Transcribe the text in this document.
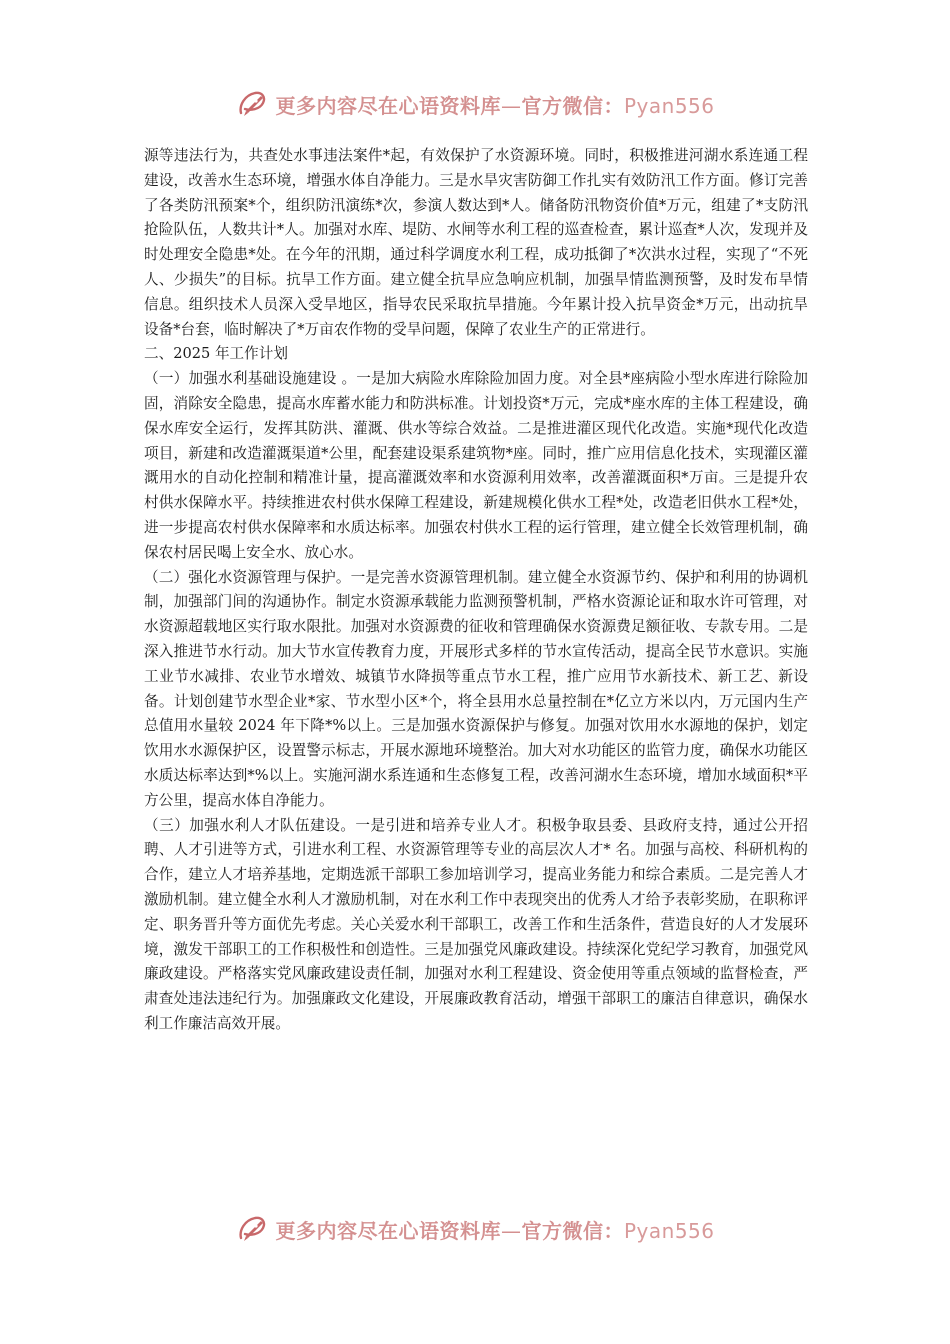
更多内容尽在心语资料库—官方微信：Pyan556

源等违法行为，共查处水事违法案件*起，有效保护了水资源环境。同时，积极推进河湖水系连通工程建设，改善水生态环境，增强水体自净能力。三是水旱灾害防御工作扎实有效防汛工作方面。修订完善了各类防汛预案*个，组织防汛演练*次，参演人数达到*人。储备防汛物资价值*万元，组建了*支防汛抢险队伍，人数共计*人。加强对水库、堤防、水闸等水利工程的巡查检查，累计巡查*人次，发现并及时处理安全隐患*处。在今年的汛期，通过科学调度水利工程，成功抵御了*次洪水过程，实现了“不死人、少损失”的目标。抗旱工作方面。建立健全抗旱应急响应机制，加强旱情监测预警，及时发布旱情信息。组织技术人员深入受旱地区，指导农民采取抗旱措施。今年累计投入抗旱资金*万元，出动抗旱设备*台套，临时解决了*万亩农作物的受旱问题，保障了农业生产的正常进行。

二、2025 年工作计划

（一）加强水利基础设施建设 。一是加大病险水库除险加固力度。对全县*座病险小型水库进行除险加固，消除安全隐患，提高水库蓄水能力和防洪标准。计划投资*万元，完成*座水库的主体工程建设，确保水库安全运行，发挥其防洪、灌溉、供水等综合效益。二是推进灌区现代化改造。实施*现代化改造项目，新建和改造灌溉渠道*公里，配套建设渠系建筑物*座。同时，推广应用信息化技术，实现灌区灌溉用水的自动化控制和精准计量，提高灌溉效率和水资源利用效率，改善灌溉面积*万亩。三是提升农村供水保障水平。持续推进农村供水保障工程建设，新建规模化供水工程*处，改造老旧供水工程*处，进一步提高农村供水保障率和水质达标率。加强农村供水工程的运行管理，建立健全长效管理机制，确保农村居民喝上安全水、放心水。

（二）强化水资源管理与保护。一是完善水资源管理机制。建立健全水资源节约、保护和利用的协调机制，加强部门间的沟通协作。制定水资源承载能力监测预警机制，严格水资源论证和取水许可管理，对水资源超载地区实行取水限批。加强对水资源费的征收和管理确保水资源费足额征收、专款专用。二是深入推进节水行动。加大节水宣传教育力度，开展形式多样的节水宣传活动，提高全民节水意识。实施工业节水减排、农业节水增效、城镇节水降损等重点节水工程，推广应用节水新技术、新工艺、新设备。计划创建节水型企业*家、节水型小区*个，将全县用水总量控制在*亿立方米以内，万元国内生产总值用水量较 2024 年下降*%以上。三是加强水资源保护与修复。加强对饮用水水源地的保护，划定饮用水水源保护区，设置警示标志，开展水源地环境整治。加大对水功能区的监管力度，确保水功能区水质达标率达到*%以上。实施河湖水系连通和生态修复工程，改善河湖水生态环境，增加水域面积*平方公里，提高水体自净能力。

（三）加强水利人才队伍建设。一是引进和培养专业人才。积极争取县委、县政府支持，通过公开招聘、人才引进等方式，引进水利工程、水资源管理等专业的高层次人才* 名。加强与高校、科研机构的合作，建立人才培养基地，定期选派干部职工参加培训学习，提高业务能力和综合素质。二是完善人才激励机制。建立健全水利人才激励机制，对在水利工作中表现突出的优秀人才给予表彰奖励，在职称评定、职务晋升等方面优先考虑。关心关爱水利干部职工，改善工作和生活条件，营造良好的人才发展环境，激发干部职工的工作积极性和创造性。三是加强党风廉政建设。持续深化党纪学习教育，加强党风廉政建设。严格落实党风廉政建设责任制，加强对水利工程建设、资金使用等重点领域的监督检查，严肃查处违法违纪行为。加强廉政文化建设，开展廉政教育活动，增强干部职工的廉洁自律意识，确保水利工作廉洁高效开展。

更多内容尽在心语资料库—官方微信：Pyan556
